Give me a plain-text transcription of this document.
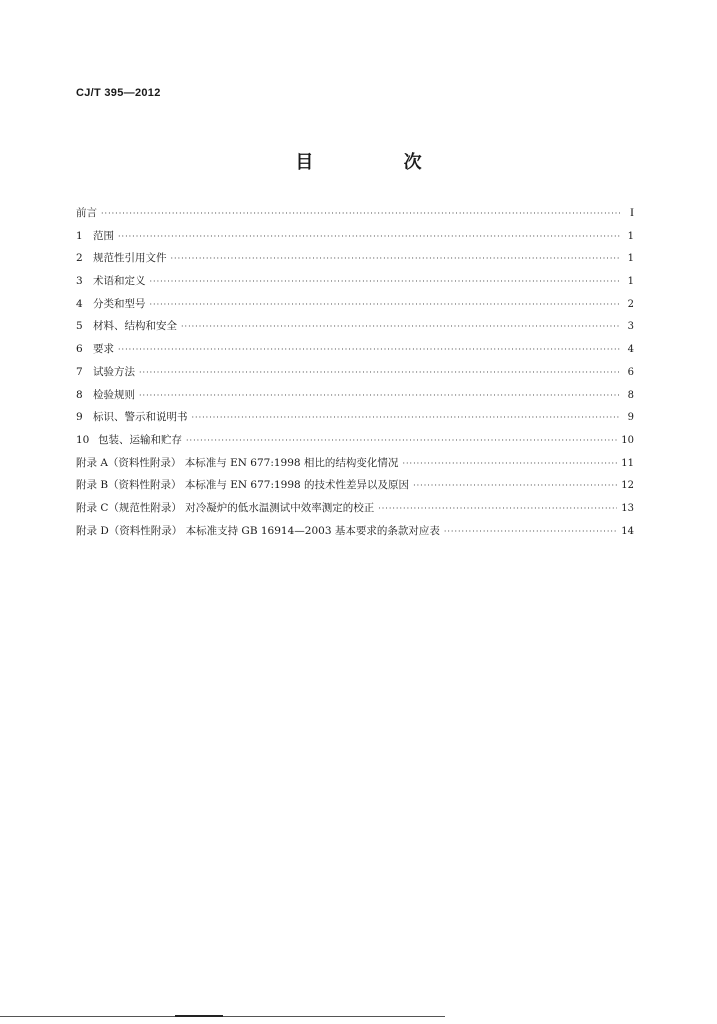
CJ/T 395—2012
目 次
前言 ·····	I
1 范围 ·····	1
2 规范性引用文件 ·····	1
3 术语和定义 ·····	1
4 分类和型号 ·····	2
5 材料、结构和安全 ·····	3
6 要求 ·····	4
7 试验方法 ·····	6
8 检验规则 ·····	8
9 标识、警示和说明书 ·····	9
10 包装、运输和贮存 ·····	10
附录 A（资料性附录） 本标准与 EN 677:1998 相比的结构变化情况 ·····	11
附录 B（资料性附录） 本标准与 EN 677:1998 的技术性差异以及原因 ·····	12
附录 C（规范性附录） 对冷凝炉的低水温测试中效率测定的校正 ·····	13
附录 D（资料性附录） 本标准支持 GB 16914—2003 基本要求的条款对应表 ·····	14
